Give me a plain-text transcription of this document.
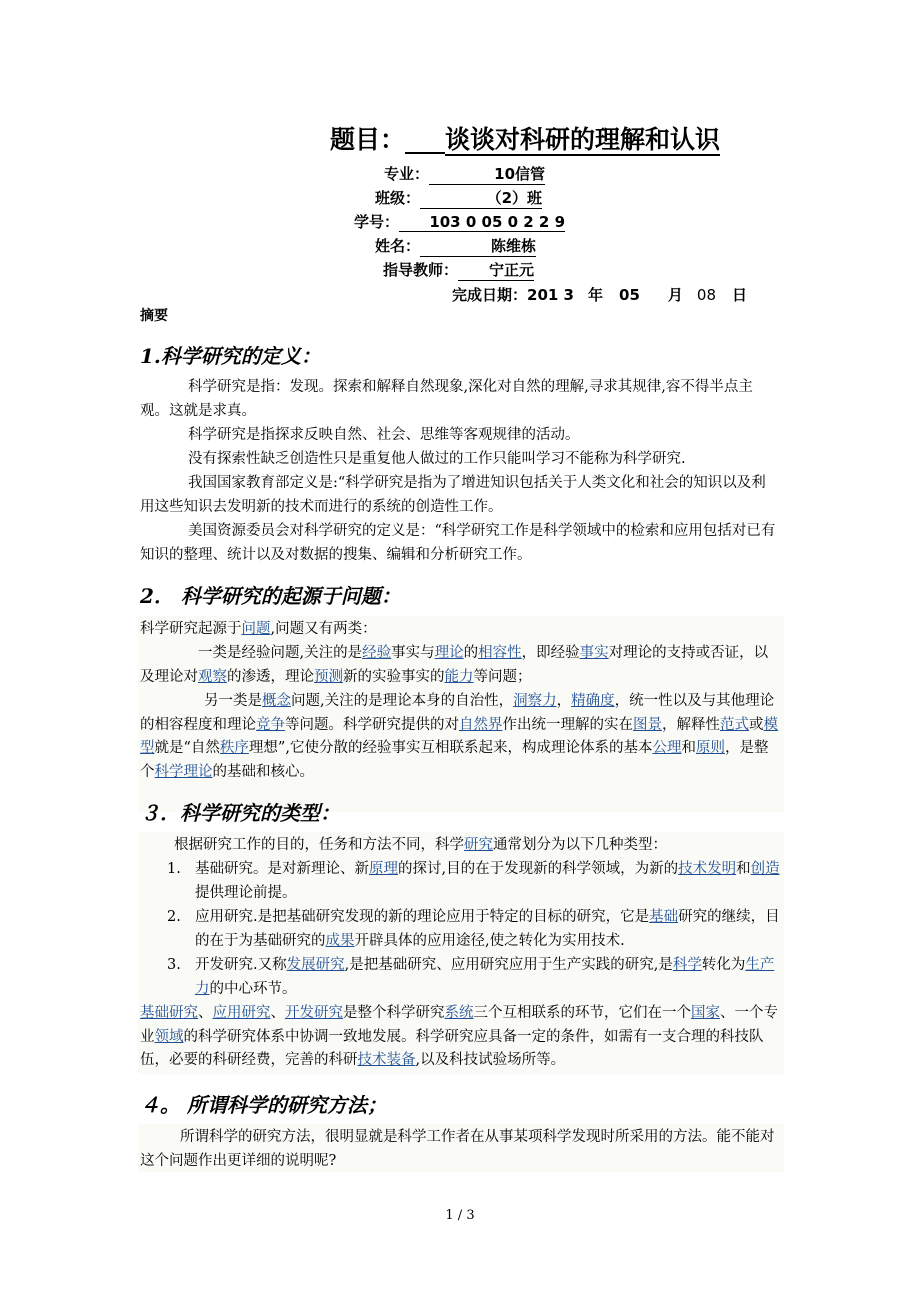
题目： 谈谈对科研的理解和认识
专业：	10信管
班级：	（2）班
学号： 103 0 05 0 2 2 9
姓名：	陈维栋
指导教师： 宁正元
完成日期：201 3 年 05 月 08 日
摘要
1.科学研究的定义：
科学研究是指：发现。探索和解释自然现象,深化对自然的理解,寻求其规律,容不得半点主观。这就是求真。
科学研究是指探求反映自然、社会、思维等客观规律的活动。
没有探索性缺乏创造性只是重复他人做过的工作只能叫学习不能称为科学研究.
我国国家教育部定义是:“科学研究是指为了增进知识包括关于人类文化和社会的知识以及利用这些知识去发明新的技术而进行的系统的创造性工作。
美国资源委员会对科学研究的定义是：“科学研究工作是科学领域中的检索和应用包括对已有知识的整理、统计以及对数据的搜集、编辑和分析研究工作。
2． 科学研究的起源于问题：
科学研究起源于问题,问题又有两类：
一类是经验问题,关注的是经验事实与理论的相容性，即经验事实对理论的支持或否证，以及理论对观察的渗透，理论预测新的实验事实的能力等问题；
另一类是概念问题,关注的是理论本身的自治性，洞察力，精确度，统一性以及与其他理论的相容程度和理论竞争等问题。科学研究提供的对自然界作出统一理解的实在图景，解释性范式或模型就是“自然秩序理想”,它使分散的经验事实互相联系起来，构成理论体系的基本公理和原则，是整个科学理论的基础和核心。
３．科学研究的类型：
根据研究工作的目的，任务和方法不同，科学研究通常划分为以下几种类型：
1. 基础研究。是对新理论、新原理的探讨,目的在于发现新的科学领域，为新的技术发明和创造提供理论前提。
2. 应用研究.是把基础研究发现的新的理论应用于特定的目标的研究，它是基础研究的继续，目的在于为基础研究的成果开辟具体的应用途径,使之转化为实用技术.
3. 开发研究.又称发展研究,是把基础研究、应用研究应用于生产实践的研究,是科学转化为生产力的中心环节。
基础研究、应用研究、开发研究是整个科学研究系统三个互相联系的环节，它们在一个国家、一个专业领域的科学研究体系中协调一致地发展。科学研究应具备一定的条件，如需有一支合理的科技队伍，必要的科研经费，完善的科研技术装备,以及科技试验场所等。
４。 所谓科学的研究方法；
所谓科学的研究方法，很明显就是科学工作者在从事某项科学发现时所采用的方法。能不能对这个问题作出更详细的说明呢?
1 / 3
